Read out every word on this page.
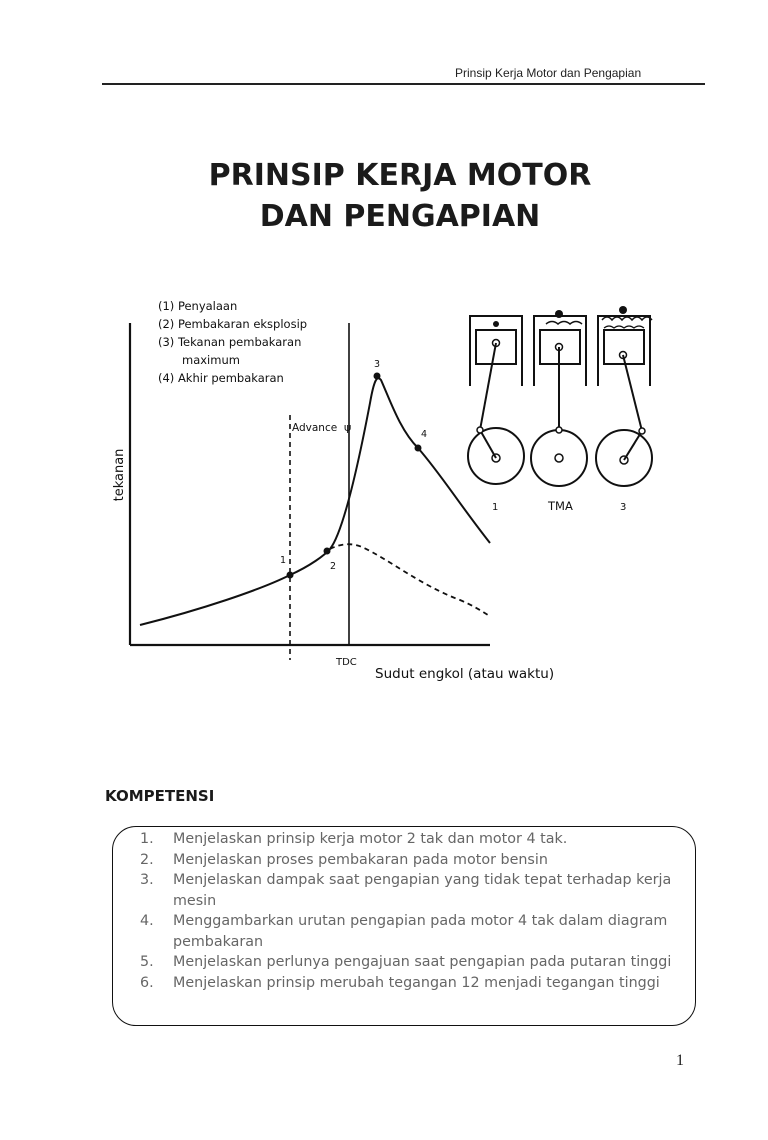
Prinsip Kerja Motor dan Pengapian
PRINSIP KERJA MOTOR
DAN PENGAPIAN
(1) Penyalaan
(2) Pembakaran eksplosip
(3) Tekanan pembakaran
maximum
(4) Akhir pembakaran
tekanan
TDC
Sudut engkol (atau waktu)
Advance ψ
1
2
3
4
1	TMA	3
KOMPETENSI
1.	Menjelaskan prinsip kerja motor 2 tak dan motor 4 tak.
2.	Menjelaskan proses pembakaran pada motor bensin
3.	Menjelaskan dampak saat pengapian yang tidak tepat terhadap kerja mesin
4.	Menggambarkan urutan pengapian pada motor 4 tak dalam diagram pembakaran
5.	Menjelaskan perlunya pengajuan saat pengapian pada putaran tinggi
6.	Menjelaskan prinsip merubah tegangan 12 menjadi tegangan tinggi
1
